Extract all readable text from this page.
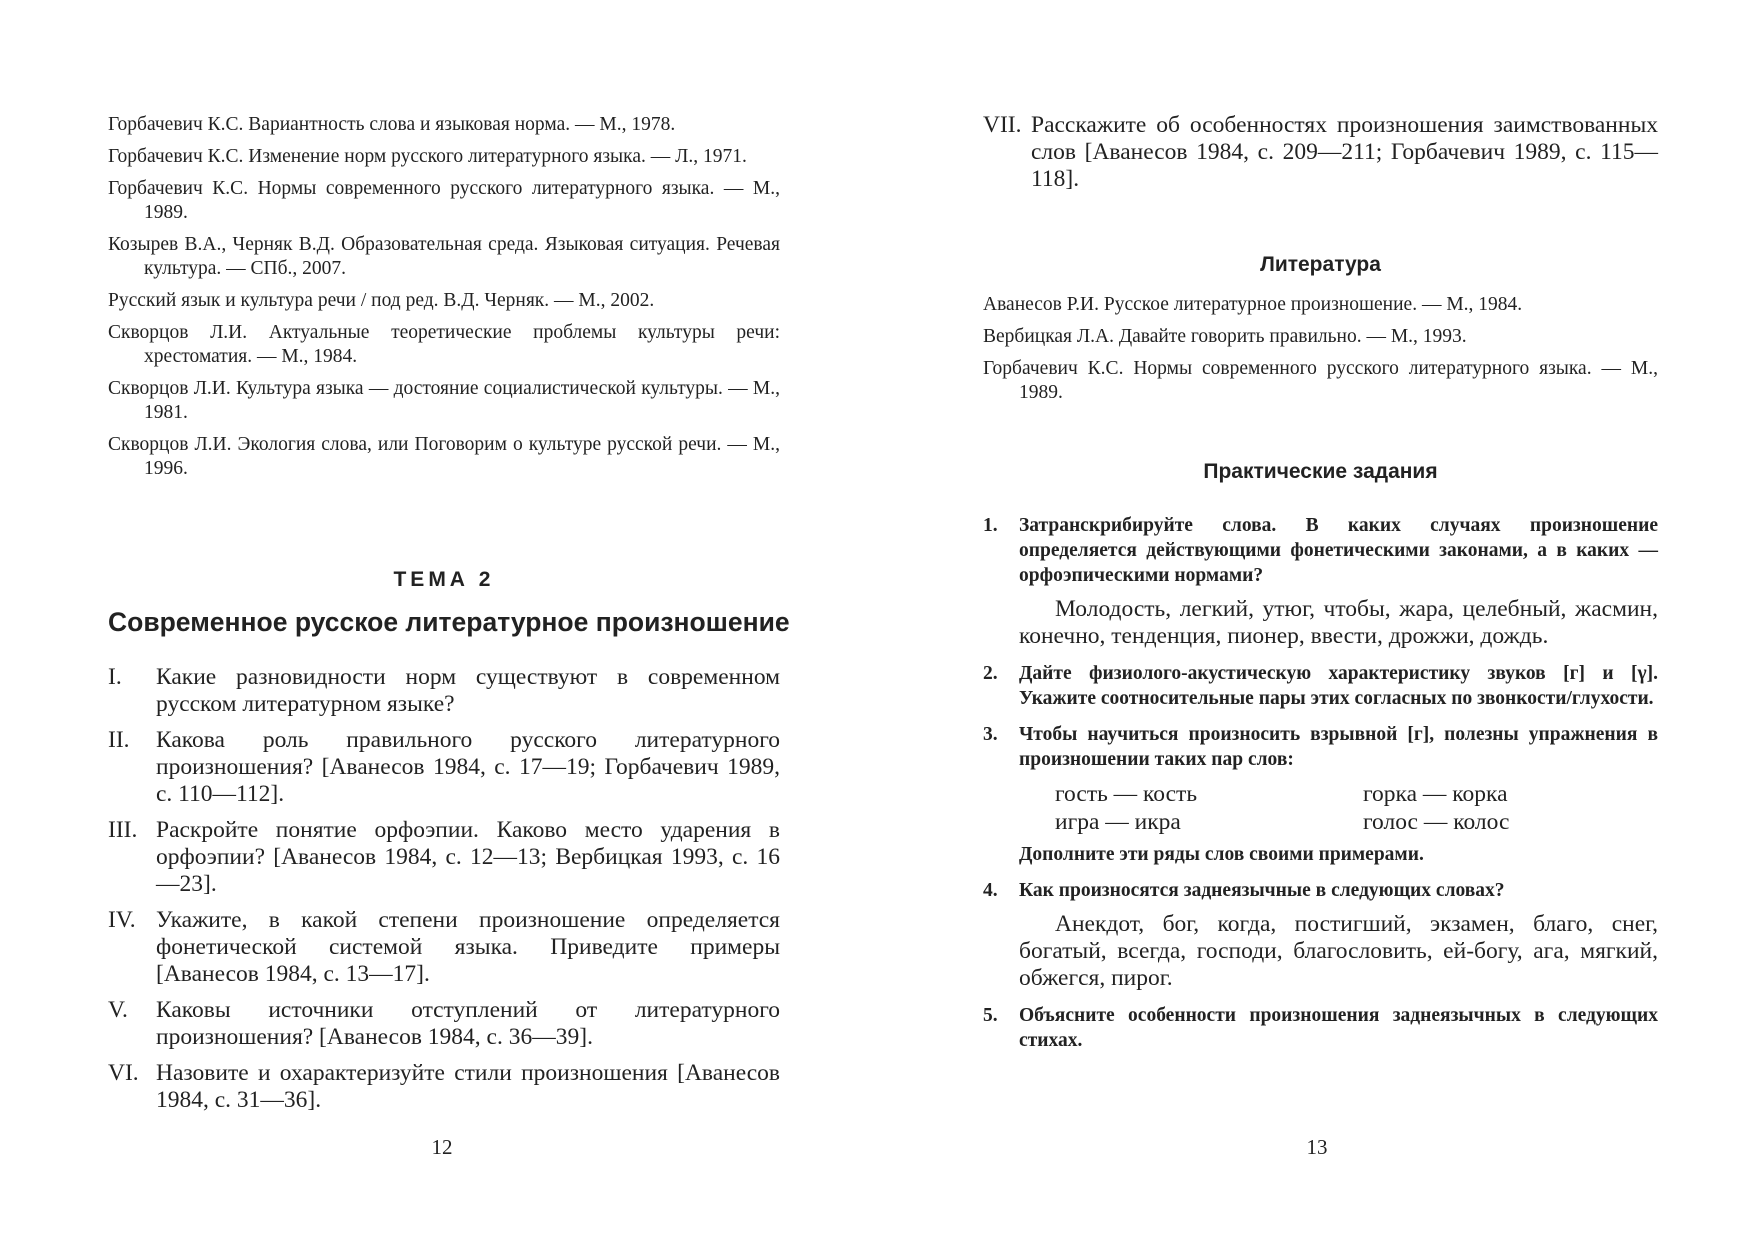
Горбачевич К.С. Вариантность слова и языковая норма. — М., 1978.
Горбачевич К.С. Изменение норм русского литературного языка. — Л., 1971.
Горбачевич К.С. Нормы современного русского литературного языка. — М., 1989.
Козырев В.А., Черняк В.Д. Образовательная среда. Языковая ситуация. Речевая культура. — СПб., 2007.
Русский язык и культура речи / под ред. В.Д. Черняк. — М., 2002.
Скворцов Л.И. Актуальные теоретические проблемы культуры речи: хрестоматия. — М., 1984.
Скворцов Л.И. Культура языка — достояние социалистической культуры. — М., 1981.
Скворцов Л.И. Экология слова, или Поговорим о культуре русской речи. — М., 1996.
ТЕМА 2
Современное русское литературное произношение
I.	Какие разновидности норм существуют в современном русском литературном языке?
II.	Какова роль правильного русского литературного произношения? [Аванесов 1984, с. 17—19; Горбачевич 1989, с. 110—112].
III. Раскройте понятие орфоэпии. Каково место ударения в орфоэпии? [Аванесов 1984, с. 12—13; Вербицкая 1993, с. 16—23].
IV. Укажите, в какой степени произношение определяется фонетической системой языка. Приведите примеры [Аванесов 1984, с. 13—17].
V.	Каковы источники отступлений от литературного произношения? [Аванесов 1984, с. 36—39].
VI. Назовите и охарактеризуйте стили произношения [Аванесов 1984, с. 31—36].
12
VII. Расскажите об особенностях произношения заимствованных слов [Аванесов 1984, с. 209—211; Горбачевич 1989, с. 115—118].
Литература
Аванесов Р.И. Русское литературное произношение. — М., 1984.
Вербицкая Л.А. Давайте говорить правильно. — М., 1993.
Горбачевич К.С. Нормы современного русского литературного языка. — М., 1989.
Практические задания
1.	Затранскрибируйте слова. В каких случаях произношение определяется действующими фонетическими законами, а в каких — орфоэпическими нормами?
Молодость, легкий, утюг, чтобы, жара, целебный, жасмин, конечно, тенденция, пионер, ввести, дрожжи, дождь.
2.	Дайте физиолого-акустическую характеристику звуков [г] и [γ]. Укажите соотносительные пары этих согласных по звонкости/глухости.
3.	Чтобы научиться произносить взрывной [г], полезны упражнения в произношении таких пар слов:
гость — кость	горка — корка
игра — икра	голос — колос
Дополните эти ряды слов своими примерами.
4.	Как произносятся заднеязычные в следующих словах?
Анекдот, бог, когда, постигший, экзамен, благо, снег, богатый, всегда, господи, благословить, ей-богу, ага, мягкий, обжегся, пирог.
5.	Объясните особенности произношения заднеязычных в следующих стихах.
13
